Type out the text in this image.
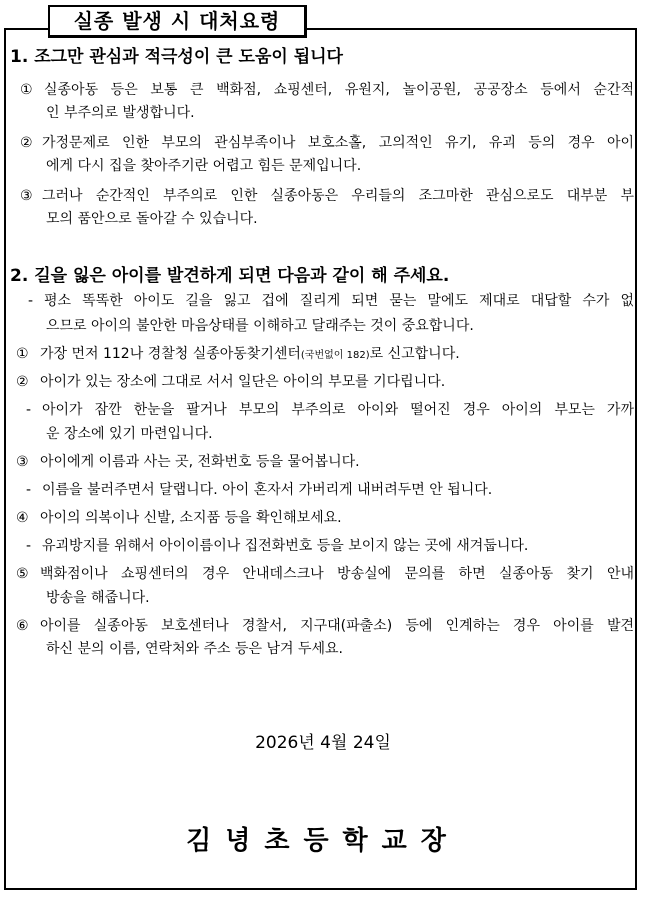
실종 발생 시 대처요령
1. 조그만 관심과 적극성이 큰 도움이 됩니다
① 실종아동 등은 보통 큰 백화점, 쇼핑센터, 유원지, 놀이공원, 공공장소 등에서 순간적
인 부주의로 발생합니다.
② 가정문제로 인한 부모의 관심부족이나 보호소홀, 고의적인 유기, 유괴 등의 경우 아이
에게 다시 집을 찾아주기란 어렵고 힘든 문제입니다.
③ 그러나 순간적인 부주의로 인한 실종아동은 우리들의 조그마한 관심으로도 대부분 부
모의 품안으로 돌아갈 수 있습니다.
2. 길을 잃은 아이를 발견하게 되면 다음과 같이 해 주세요.
- 평소 똑똑한 아이도 길을 잃고 겁에 질리게 되면 묻는 말에도 제대로 대답할 수가 없
으므로 아이의 불안한 마음상태를 이해하고 달래주는 것이 중요합니다.
① 가장 먼저 112나 경찰청 실종아동찾기센터(국번없이 182)로 신고합니다.
② 아이가 있는 장소에 그대로 서서 일단은 아이의 부모를 기다립니다.
- 아이가 잠깐 한눈을 팔거나 부모의 부주의로 아이와 떨어진 경우 아이의 부모는 가까
운 장소에 있기 마련입니다.
③ 아이에게 이름과 사는 곳, 전화번호 등을 물어봅니다.
- 이름을 불러주면서 달랩니다. 아이 혼자서 가버리게 내버려두면 안 됩니다.
④ 아이의 의복이나 신발, 소지품 등을 확인해보세요.
- 유괴방지를 위해서 아이이름이나 집전화번호 등을 보이지 않는 곳에 새겨둡니다.
⑤ 백화점이나 쇼핑센터의 경우 안내데스크나 방송실에 문의를 하면 실종아동 찾기 안내
방송을 해줍니다.
⑥ 아이를 실종아동 보호센터나 경찰서, 지구대(파출소) 등에 인계하는 경우 아이를 발견
하신 분의 이름, 연락처와 주소 등은 남겨 두세요.
2026년 4월 24일
김녕초등학교장
